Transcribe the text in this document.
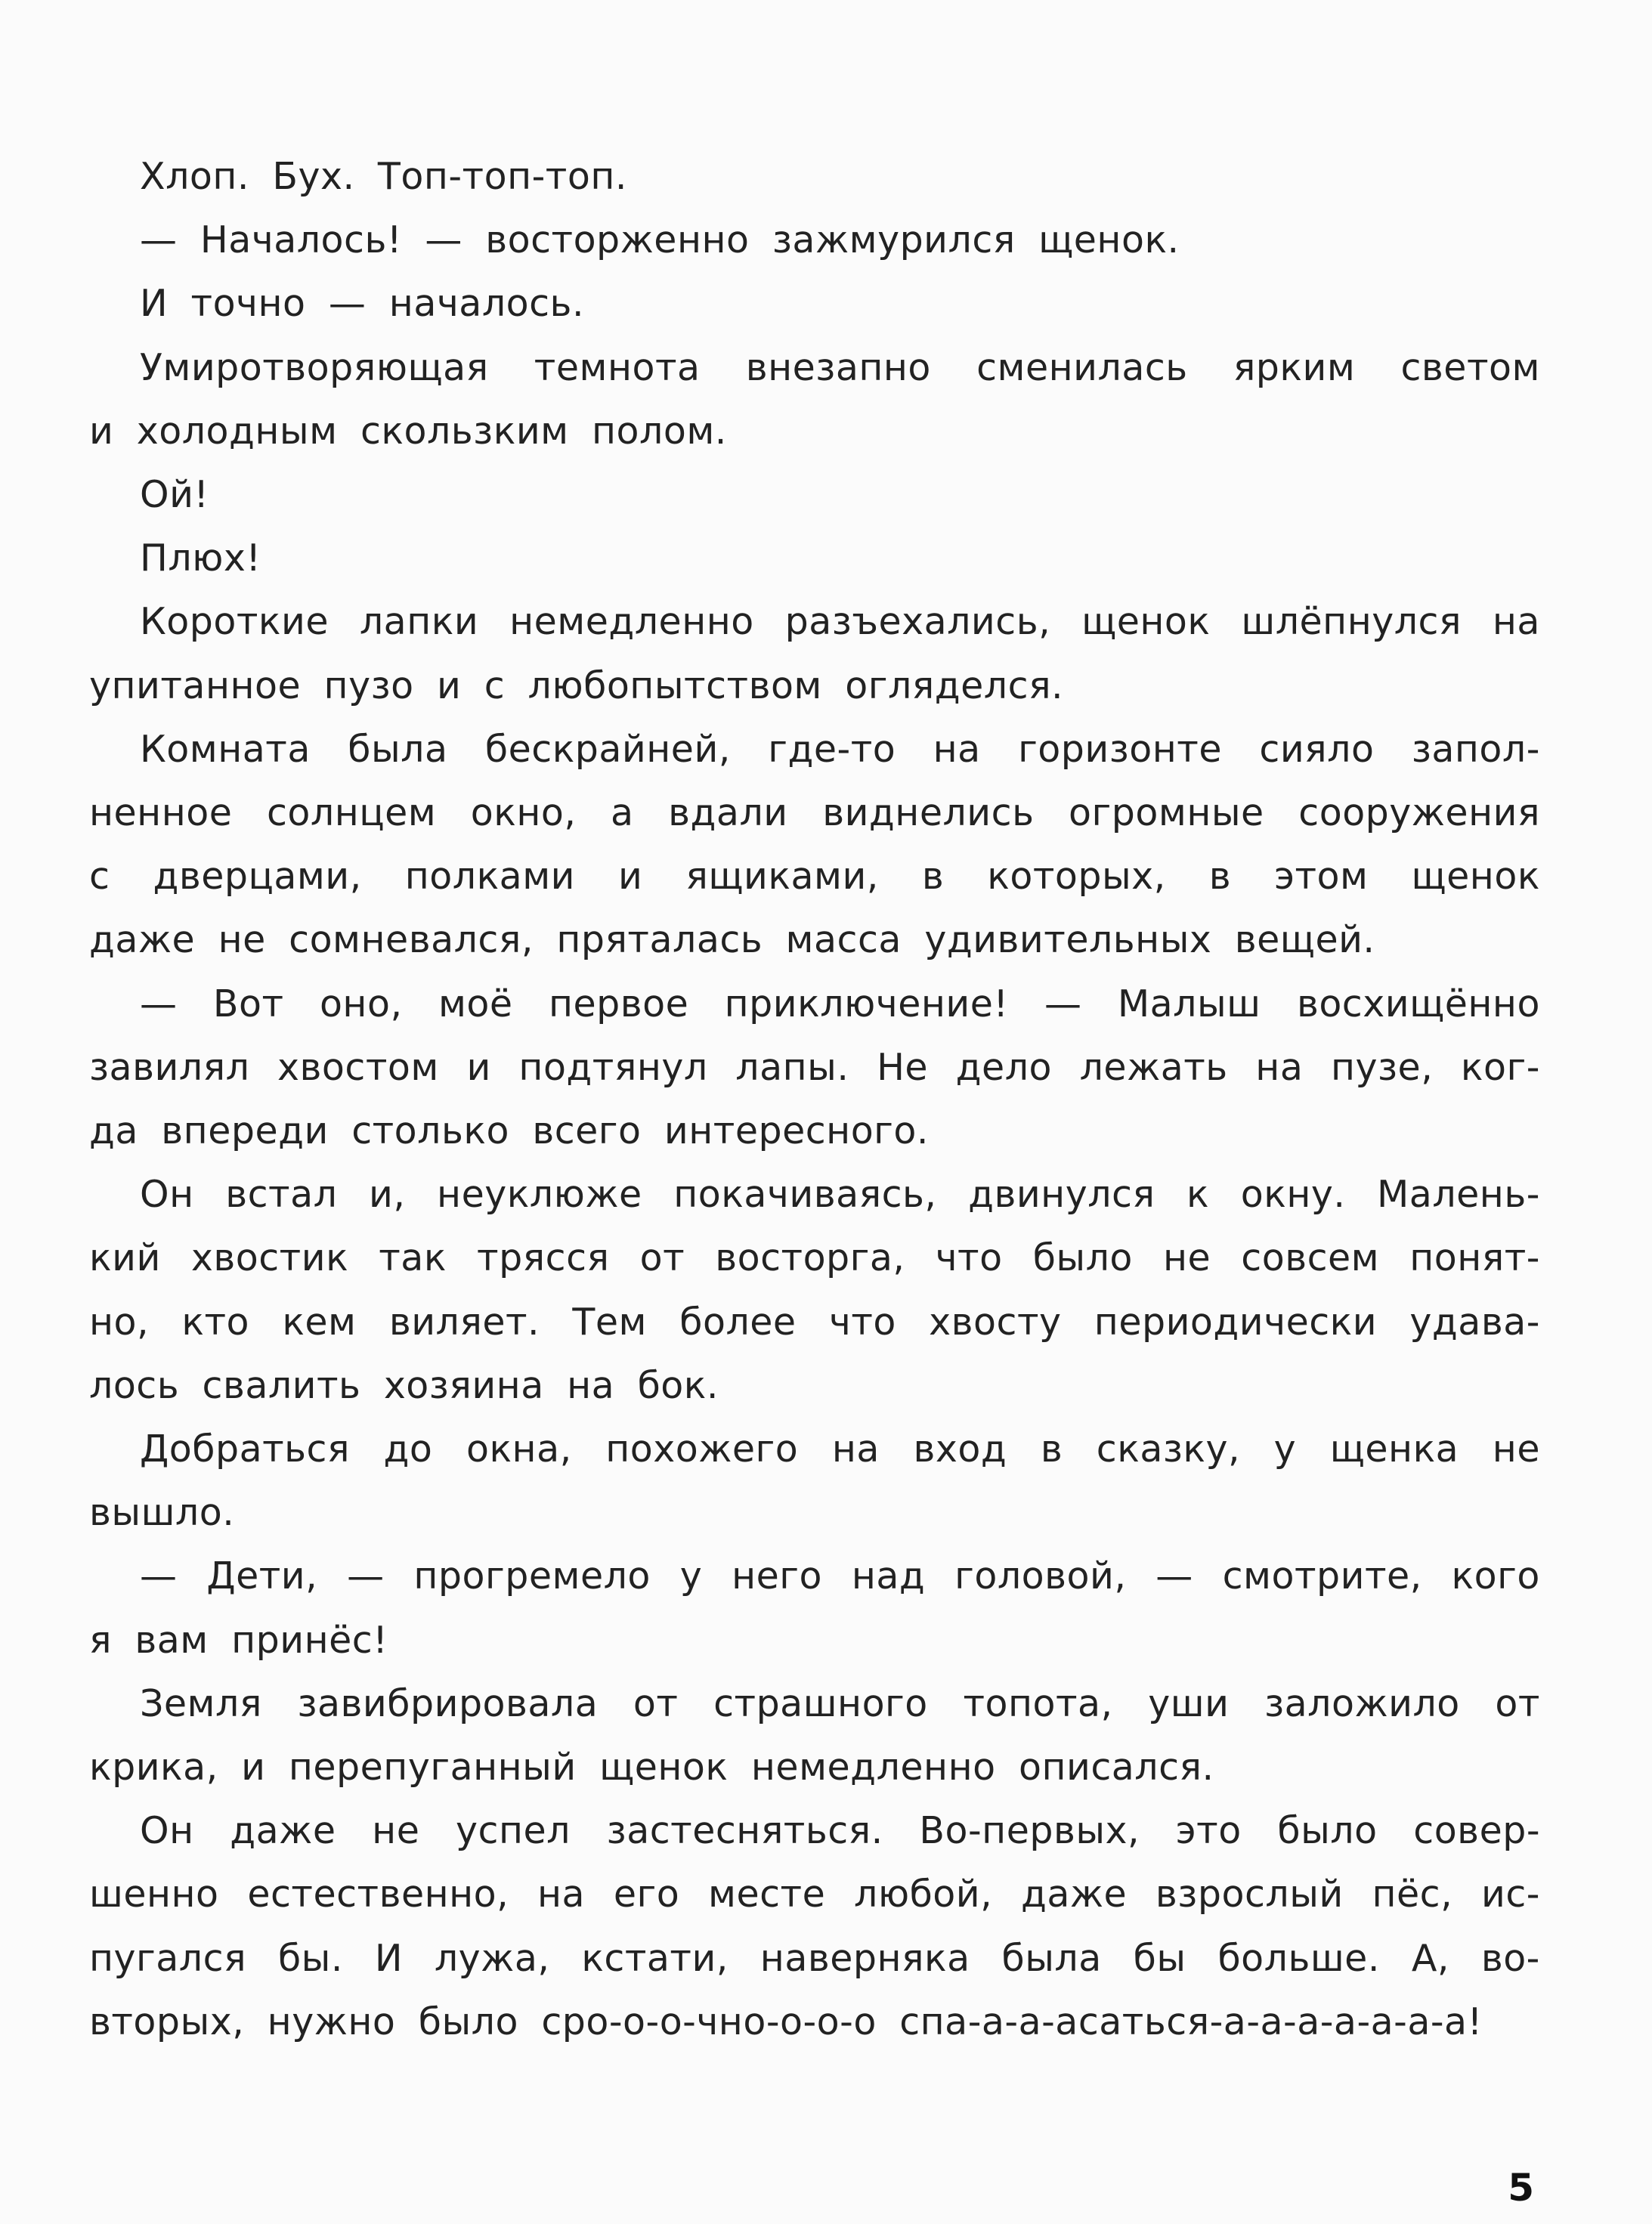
Хлоп. Бух. Топ-топ-топ.
— Началось! — восторженно зажмурился щенок.
И точно — началось.
Умиротворяющая темнота внезапно сменилась ярким светом
и холодным скользким полом.
Ой!
Плюх!
Короткие лапки немедленно разъехались, щенок шлёпнулся на
упитанное пузо и с любопытством огляделся.
Комната была бескрайней, где-то на горизонте сияло запол-
ненное солнцем окно, а вдали виднелись огромные сооружения
с дверцами, полками и ящиками, в которых, в этом щенок
даже не сомневался, пряталась масса удивительных вещей.
— Вот оно, моё первое приключение! — Малыш восхищённо
завилял хвостом и подтянул лапы. Не дело лежать на пузе, ког-
да впереди столько всего интересного.
Он встал и, неуклюже покачиваясь, двинулся к окну. Малень-
кий хвостик так трясся от восторга, что было не совсем понят-
но, кто кем виляет. Тем более что хвосту периодически удава-
лось свалить хозяина на бок.
Добраться до окна, похожего на вход в сказку, у щенка не
вышло.
— Дети, — прогремело у него над головой, — смотрите, кого
я вам принёс!
Земля завибрировала от страшного топота, уши заложило от
крика, и перепуганный щенок немедленно описался.
Он даже не успел застесняться. Во-первых, это было совер-
шенно естественно, на его месте любой, даже взрослый пёс, ис-
пугался бы. И лужа, кстати, наверняка была бы больше. А, во-
вторых, нужно было сро-о-о-чно-о-о-о спа-а-а-асаться-а-а-а-а-а-а-а!
5
